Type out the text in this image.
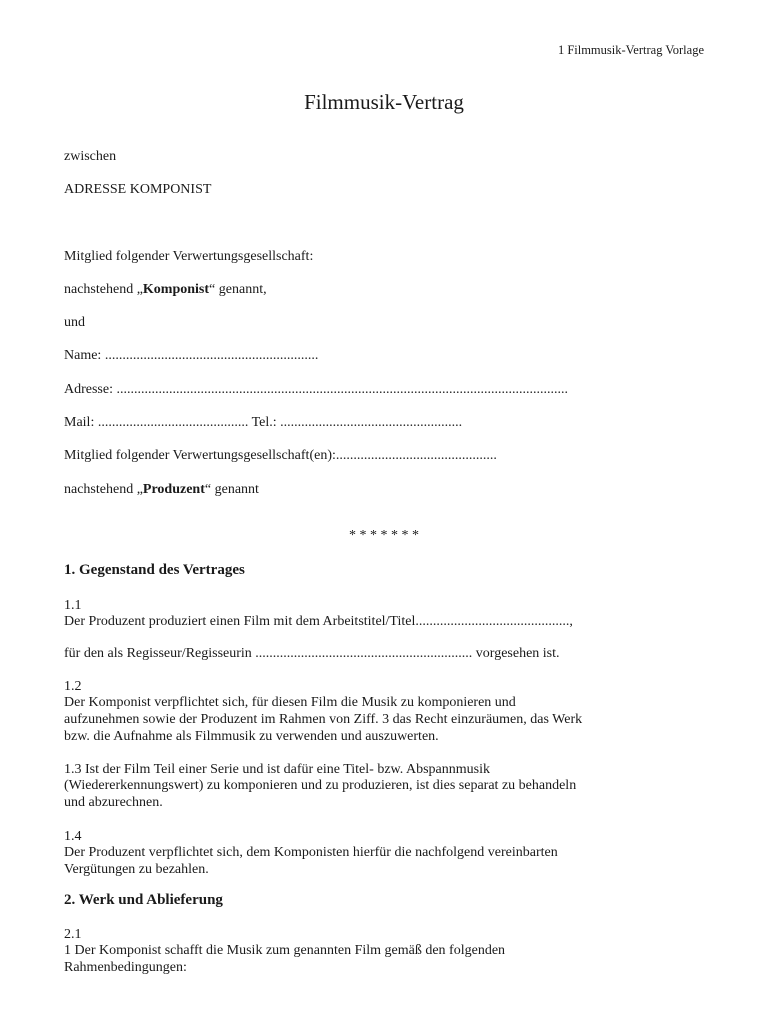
1 Filmmusik-Vertrag Vorlage
Filmmusik-Vertrag
zwischen
ADRESSE KOMPONIST
Mitglied folgender Verwertungsgesellschaft:
nachstehend „Komponist“ genannt,
und
Name: .............................................................
Adresse: .................................................................................................................................
Mail: ........................................... Tel.: ....................................................
Mitglied folgender Verwertungsgesellschaft(en):..............................................
nachstehend „Produzent“ genannt
* * * * * * *
1. Gegenstand des Vertrages
1.1
Der Produzent produziert einen Film mit dem Arbeitstitel/Titel............................................,
für den als Regisseur/Regisseurin .............................................................. vorgesehen ist.
1.2
Der Komponist verpflichtet sich, für diesen Film die Musik zu komponieren und
aufzunehmen sowie der Produzent im Rahmen von Ziff. 3 das Recht einzuräumen, das Werk
bzw. die Aufnahme als Filmmusik zu verwenden und auszuwerten.
1.3 Ist der Film Teil einer Serie und ist dafür eine Titel- bzw. Abspannmusik
(Wiedererkennungswert) zu komponieren und zu produzieren, ist dies separat zu behandeln
und abzurechnen.
1.4
Der Produzent verpflichtet sich, dem Komponisten hierfür die nachfolgend vereinbarten
Vergütungen zu bezahlen.
2. Werk und Ablieferung
2.1
1 Der Komponist schafft die Musik zum genannten Film gemäß den folgenden
Rahmenbedingungen:
